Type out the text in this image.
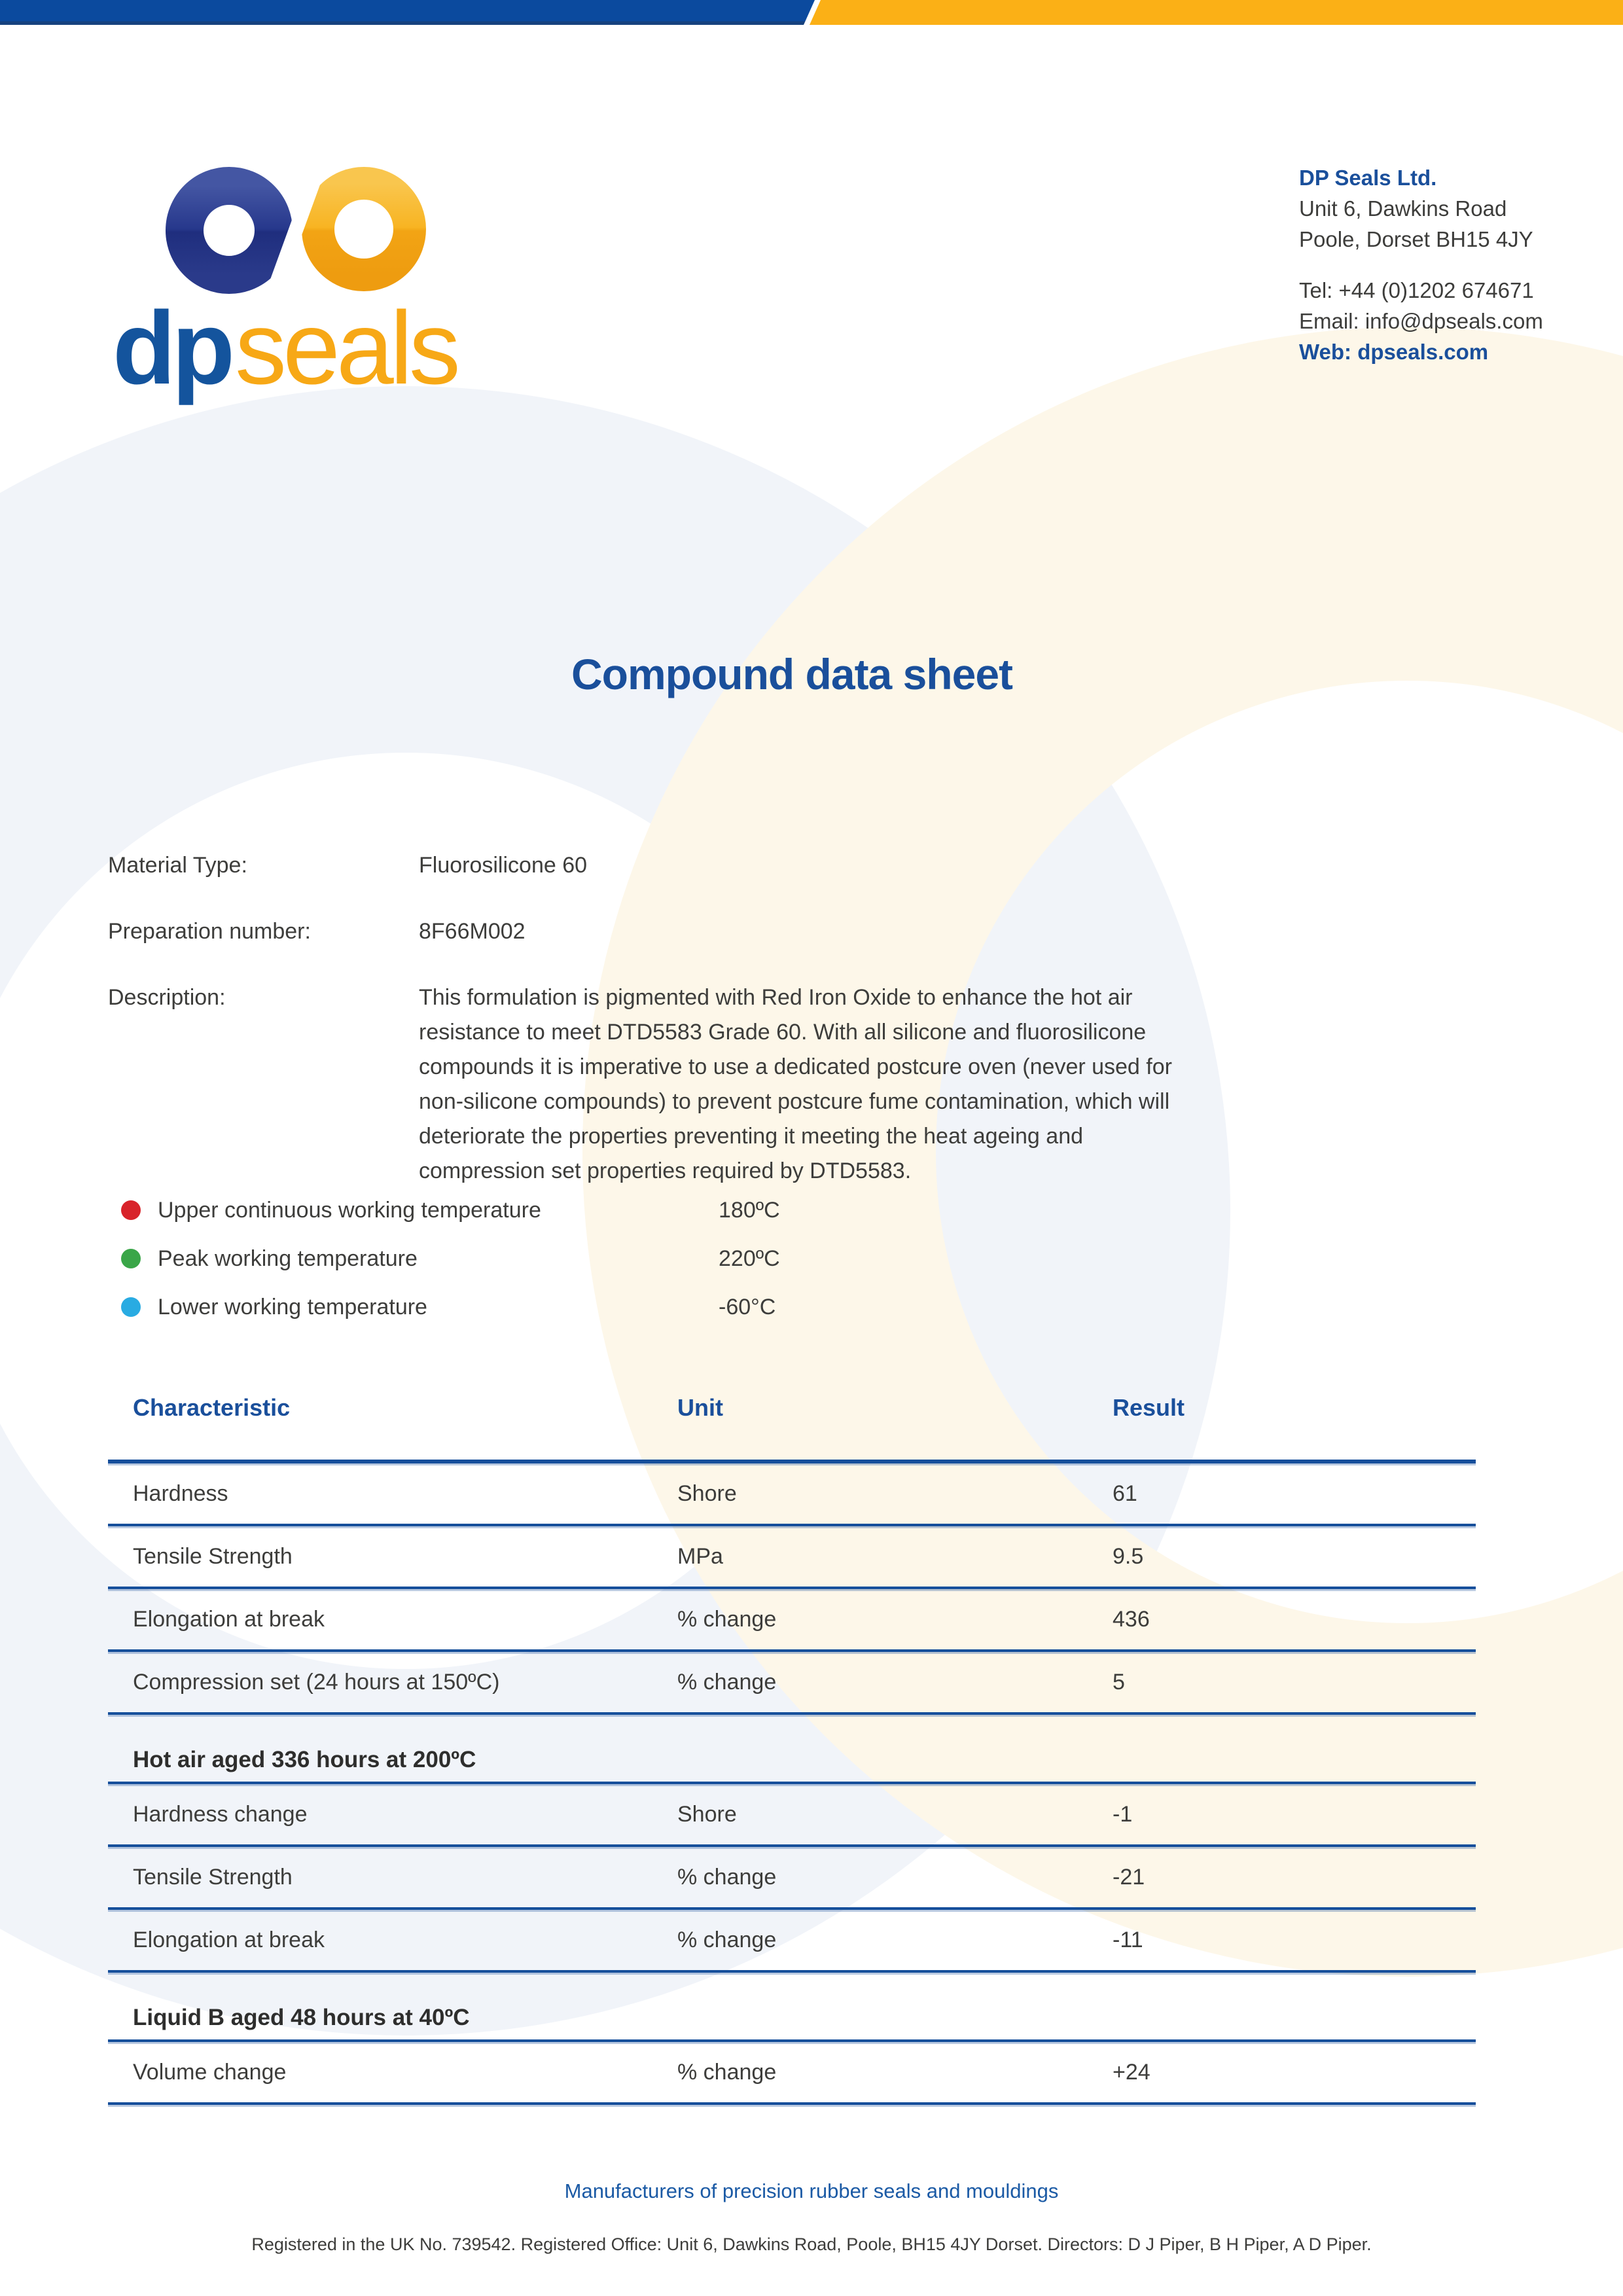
dpseals
DP Seals Ltd.
Unit 6, Dawkins Road
Poole, Dorset BH15 4JY
Tel: +44 (0)1202 674671
Email: info@dpseals.com
Web: dpseals.com
Compound data sheet
Material Type:	Fluorosilicone 60
Preparation number:	8F66M002
Description:	This formulation is pigmented with Red Iron Oxide to enhance the hot air resistance to meet DTD5583 Grade 60. With all silicone and fluorosilicone compounds it is imperative to use a dedicated postcure oven (never used for non-silicone compounds) to prevent postcure fume contamination, which will deteriorate the properties preventing it meeting the heat ageing and compression set properties required by DTD5583.
Upper continuous working temperature	180ºC
Peak working temperature	220ºC
Lower working temperature	-60°C
Characteristic	Unit	Result
Hardness	Shore	61
Tensile Strength	MPa	9.5
Elongation at break	% change	436
Compression set (24 hours at 150ºC)	% change	5
Hot air aged 336 hours at 200ºC
Hardness change	Shore	-1
Tensile Strength	% change	-21
Elongation at break	% change	-11
Liquid B aged 48 hours at 40ºC
Volume change	% change	+24
Manufacturers of precision rubber seals and mouldings
Registered in the UK No. 739542. Registered Office: Unit 6, Dawkins Road, Poole, BH15 4JY Dorset. Directors: D J Piper, B H Piper, A D Piper.
